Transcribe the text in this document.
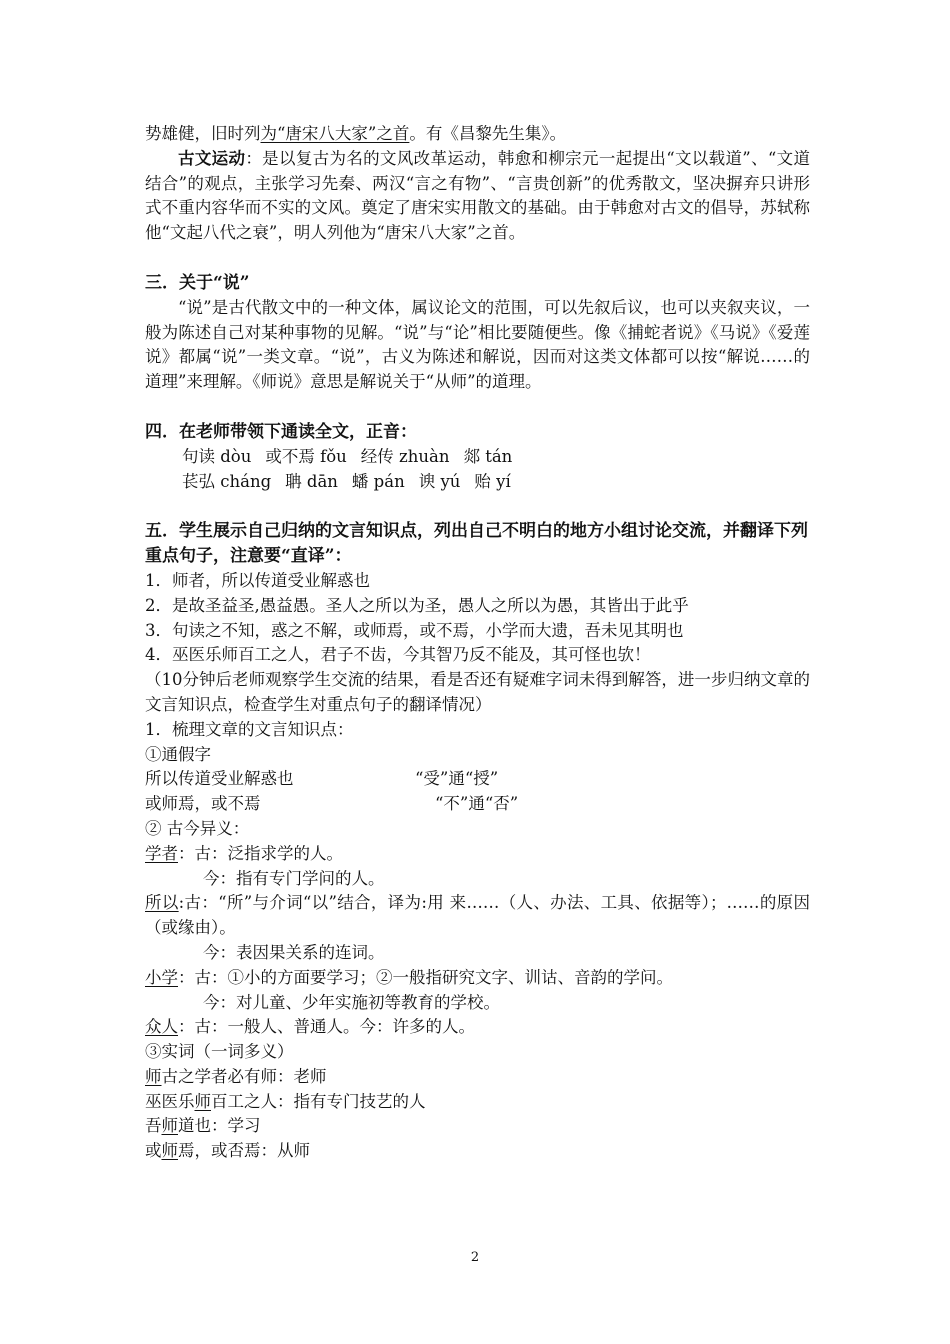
势雄健，旧时列为“唐宋八大家”之首。有《昌黎先生集》。

古文运动：是以复古为名的文风改革运动，韩愈和柳宗元一起提出“文以载道”、“文道结合”的观点，主张学习先秦、两汉“言之有物”、“言贵创新”的优秀散文，坚决摒弃只讲形式不重内容华而不实的文风。奠定了唐宋实用散文的基础。由于韩愈对古文的倡导，苏轼称他“文起八代之衰”，明人列他为“唐宋八大家”之首。

三．关于“说”

“说”是古代散文中的一种文体，属议论文的范围，可以先叙后议，也可以夹叙夹议，一般为陈述自己对某种事物的见解。“说”与“论”相比要随便些。像《捕蛇者说》《马说》《爱莲说》都属“说”一类文章。“说”，古义为陈述和解说，因而对这类文体都可以按“解说……的道理”来理解。《师说》意思是解说关于“从师”的道理。

四．在老师带领下通读全文，正音：

句读 dòu 或不焉 fǒu 经传 zhuàn 郯 tán

苌弘 cháng 聃 dān 蟠 pán 谀 yú 贻 yí

五．学生展示自己归纳的文言知识点，列出自己不明白的地方小组讨论交流，并翻译下列重点句子，注意要“直译”：

1．师者，所以传道受业解惑也

2．是故圣益圣,愚益愚。圣人之所以为圣，愚人之所以为愚，其皆出于此乎

3．句读之不知，惑之不解，或师焉，或不焉，小学而大遗，吾未见其明也

4．巫医乐师百工之人，君子不齿，今其智乃反不能及，其可怪也欤！

（10分钟后老师观察学生交流的结果，看是否还有疑难字词未得到解答，进一步归纳文章的文言知识点，检查学生对重点句子的翻译情况）

1．梳理文章的文言知识点：

①通假字

所以传道受业解惑也	“受”通“授”

或师焉，或不焉	“不”通“否”

② 古今异义：

学者：古：泛指求学的人。

今：指有专门学问的人。

所以:古：“所”与介词“以”结合，译为:用 来……（人、办法、工具、依据等）；……的原因（或缘由）。

今：表因果关系的连词。

小学：古：①小的方面要学习；②一般指研究文字、训诂、音韵的学问。

今：对儿童、少年实施初等教育的学校。

众人：古：一般人、普通人。今：许多的人。

③实词（一词多义）

师古之学者必有师：老师

巫医乐师百工之人：指有专门技艺的人

吾师道也：学习

或师焉，或否焉：从师

2
